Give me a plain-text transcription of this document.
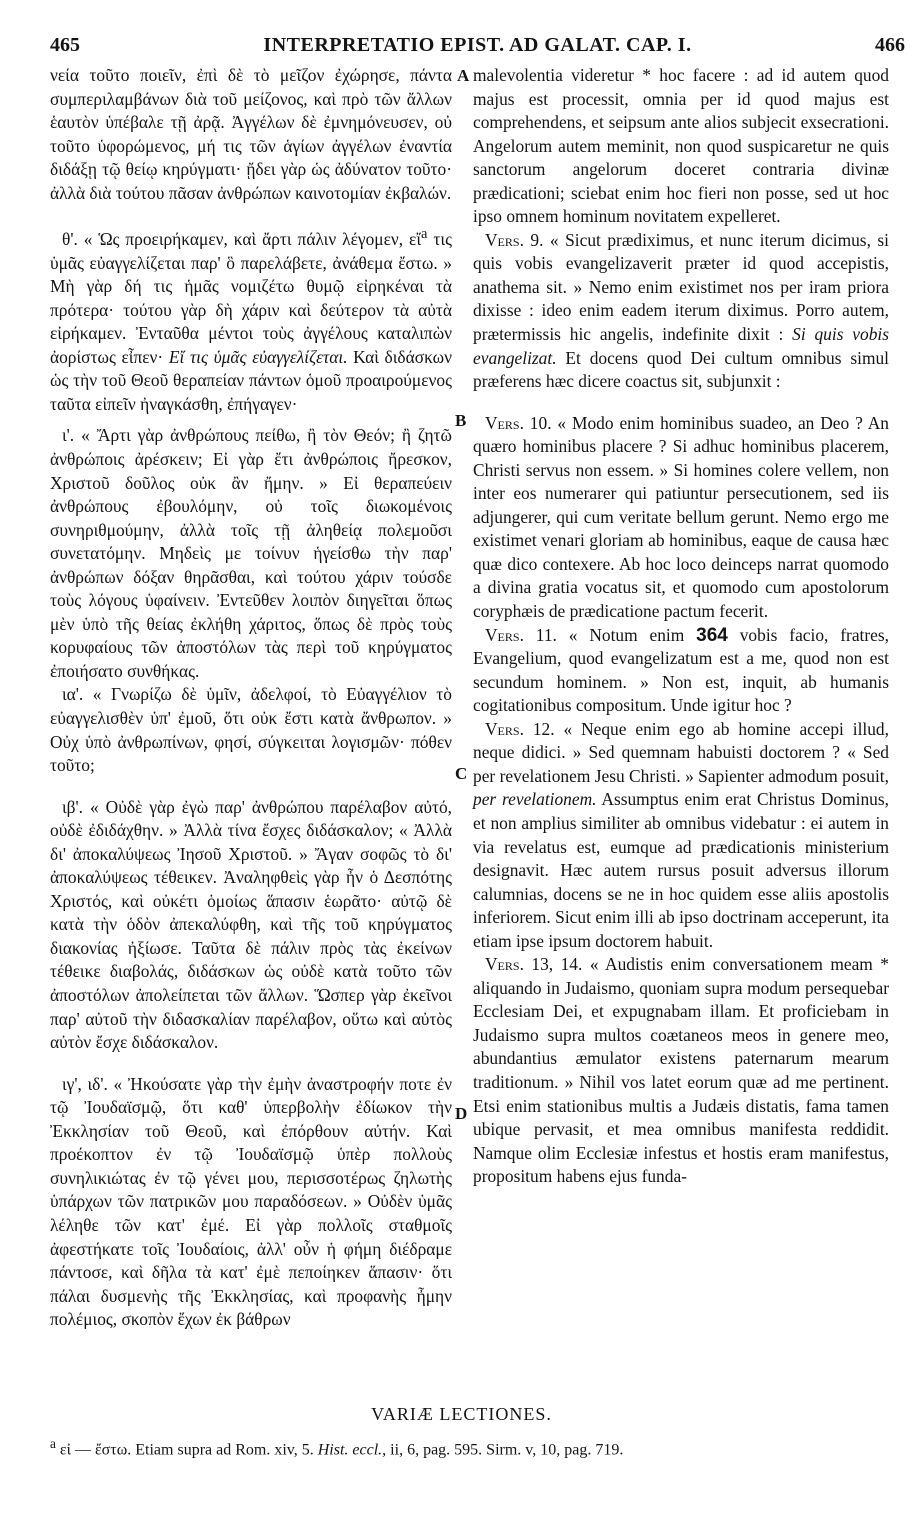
465	INTERPRETATIO EPIST. AD GALAT. CAP. I.	466

νεία τοῦτο ποιεῖν, ἐπὶ δὲ τὸ μεῖζον ἐχώρησε, πάντα συμπεριλαμβάνων διὰ τοῦ μείζονος, καὶ πρὸ τῶν ἄλλων ἑαυτὸν ὑπέβαλε τῇ ἀρᾷ. Ἀγγέλων δὲ ἐμνημόνευσεν, οὐ τοῦτο ὑφορώμενος, μή τις τῶν ἁγίων ἀγγέλων ἐναντία διδάξῃ τῷ θείῳ κηρύγματι· ᾔδει γὰρ ὡς ἀδύνατον τοῦτο· ἀλλὰ διὰ τούτου πᾶσαν ἀνθρώπων καινοτομίαν ἐκβαλών.

θ'. « Ὡς προειρήκαμεν, καὶ ἄρτι πάλιν λέγομεν, εἴ$^a$ τις ὑμᾶς εὐαγγελίζεται παρ' ὃ παρελάβετε, ἀνάθεμα ἔστω. » Μὴ γὰρ δή τις ἡμᾶς νομιζέτω θυμῷ εἰρηκέναι τὰ πρότερα· τούτου γὰρ δὴ χάριν καὶ δεύτερον τὰ αὐτὰ εἰρήκαμεν. Ἐνταῦθα μέντοι τοὺς ἀγγέλους καταλιπὼν ἀορίστως εἶπεν· Εἴ τις ὑμᾶς εὐαγγελίζεται. Καὶ διδάσκων ὡς τὴν τοῦ Θεοῦ θεραπείαν πάντων ὁμοῦ προαιρούμενος ταῦτα εἰπεῖν ἠναγκάσθη, ἐπήγαγεν·

ι'. « Ἄρτι γὰρ ἀνθρώπους πείθω, ἢ τὸν Θεόν; ἢ ζητῶ ἀνθρώποις ἀρέσκειν; Εἰ γὰρ ἔτι ἀνθρώποις ἤρεσκον, Χριστοῦ δοῦλος οὐκ ἂν ἤμην. » Εἰ θεραπεύειν ἀνθρώπους ἐβουλόμην, οὐ τοῖς διωκομένοις συνηριθμούμην, ἀλλὰ τοῖς τῇ ἀληθείᾳ πολεμοῦσι συνετατόμην. Μηδεὶς με τοίνυν ἡγείσθω τὴν παρ' ἀνθρώπων δόξαν θηρᾶσθαι, καὶ τούτου χάριν τούσδε τοὺς λόγους ὑφαίνειν. Ἐντεῦθεν λοιπὸν διηγεῖται ὅπως μὲν ὑπὸ τῆς θείας ἐκλήθη χάριτος, ὅπως δὲ πρὸς τοὺς κορυφαίους τῶν ἀποστόλων τὰς περὶ τοῦ κηρύγματος ἐποιήσατο συνθήκας.

ια'. « Γνωρίζω δὲ ὑμῖν, ἀδελφοί, τὸ Εὐαγγέλιον τὸ εὐαγγελισθὲν ὑπ' ἐμοῦ, ὅτι οὐκ ἔστι κατὰ ἄνθρωπον. » Οὐχ ὑπὸ ἀνθρωπίνων, φησί, σύγκειται λογισμῶν· πόθεν τοῦτο;

ιβ'. « Οὐδὲ γὰρ ἐγὼ παρ' ἀνθρώπου παρέλαβον αὐτό, οὐδὲ ἐδιδάχθην. » Ἀλλὰ τίνα ἔσχες διδάσκαλον; « Ἀλλὰ δι' ἀποκαλύψεως Ἰησοῦ Χριστοῦ. » Ἄγαν σοφῶς τὸ δι' ἀποκαλύψεως τέθεικεν. Ἀναληφθεὶς γὰρ ἦν ὁ Δεσπότης Χριστός, καὶ οὐκέτι ὁμοίως ἅπασιν ἑωρᾶτο· αὐτῷ δὲ κατὰ τὴν ὁδὸν ἀπεκαλύφθη, καὶ τῆς τοῦ κηρύγματος διακονίας ἠξίωσε. Ταῦτα δὲ πάλιν πρὸς τὰς ἐκείνων τέθεικε διαβολάς, διδάσκων ὡς οὐδὲ κατὰ τοῦτο τῶν ἀποστόλων ἀπολείπεται τῶν ἄλλων. Ὥσπερ γὰρ ἐκεῖνοι παρ' αὐτοῦ τὴν διδασκαλίαν παρέλαβον, οὕτω καὶ αὐτὸς αὐτὸν ἔσχε διδάσκαλον.

ιγ', ιδ'. « Ἠκούσατε γὰρ τὴν ἐμὴν ἀναστροφήν ποτε ἐν τῷ Ἰουδαϊσμῷ, ὅτι καθ' ὑπερβολὴν ἐδίωκον τὴν Ἐκκλησίαν τοῦ Θεοῦ, καὶ ἐπόρθουν αὐτήν. Καὶ προέκοπτον ἐν τῷ Ἰουδαϊσμῷ ὑπὲρ πολλοὺς συνηλικιώτας ἐν τῷ γένει μου, περισσοτέρως ζηλωτὴς ὑπάρχων τῶν πατρικῶν μου παραδόσεων. » Οὐδὲν ὑμᾶς λέληθε τῶν κατ' ἐμέ. Εἰ γὰρ πολλοῖς σταθμοῖς ἀφεστήκατε τοῖς Ἰουδαίοις, ἀλλ' οὖν ἡ φήμη διέδραμε πάντοσε, καὶ δῆλα τὰ κατ' ἐμὲ πεποίηκεν ἅπασιν· ὅτι πάλαι δυσμενὴς τῆς Ἐκκλησίας, καὶ προφανὴς ἦμην πολέμιος, σκοπὸν ἔχων ἐκ βάθρων

malevolentia videretur * hoc facere : ad id autem quod majus est processit, omnia per id quod majus est comprehendens, et seipsum ante alios subjecit exsecrationi. Angelorum autem meminit, non quod suspicaretur ne quis sanctorum angelorum doceret contraria divinæ prædicationi; sciebat enim hoc fieri non posse, sed ut hoc ipso omnem hominum novitatem expelleret.

Vers. 9. « Sicut prædiximus, et nunc iterum dicimus, si quis vobis evangelizaverit præter id quod accepistis, anathema sit. » Nemo enim existimet nos per iram priora dixisse : ideo enim eadem iterum diximus. Porro autem, prætermissis hic angelis, indefinite dixit : Si quis vobis evangelizat. Et docens quod Dei cultum omnibus simul præferens hæc dicere coactus sit, subjunxit :

Vers. 10. « Modo enim hominibus suadeo, an Deo ? An quæro hominibus placere ? Si adhuc hominibus placerem, Christi servus non essem. » Si homines colere vellem, non inter eos numerarer qui patiuntur persecutionem, sed iis adjungerer, qui cum veritate bellum gerunt. Nemo ergo me existimet venari gloriam ab hominibus, eaque de causa hæc quæ dico contexere. Ab hoc loco deinceps narrat quomodo a divina gratia vocatus sit, et quomodo cum apostolorum coryphæis de prædicatione pactum fecerit.

Vers. 11. « Notum enim 364 vobis facio, fratres, Evangelium, quod evangelizatum est a me, quod non est secundum hominem. » Non est, inquit, ab humanis cogitationibus compositum. Unde igitur hoc ?

Vers. 12. « Neque enim ego ab homine accepi illud, neque didici. » Sed quemnam habuisti doctorem ? « Sed per revelationem Jesu Christi. » Sapienter admodum posuit, per revelationem. Assumptus enim erat Christus Dominus, et non amplius similiter ab omnibus videbatur : ei autem in via revelatus est, eumque ad prædicationis ministerium designavit. Hæc autem rursus posuit adversus illorum calumnias, docens se ne in hoc quidem esse aliis apostolis inferiorem. Sicut enim illi ab ipso doctrinam acceperunt, ita etiam ipse ipsum doctorem habuit.

Vers. 13, 14. « Audistis enim conversationem meam * aliquando in Judaismo, quoniam supra modum persequebar Ecclesiam Dei, et expugnabam illam. Et proficiebam in Judaismo supra multos coætaneos meos in genere meo, abundantius æmulator existens paternarum mearum traditionum. » Nihil vos latet eorum quæ ad me pertinent. Etsi enim stationibus multis a Judæis distatis, fama tamen ubique pervasit, et mea omnibus manifesta reddidit. Namque olim Ecclesiæ infestus et hostis eram manifestus, propositum habens ejus funda-

A
B
C
D
VARIÆ LECTIONES.
$^a$ εἰ — ἔστω. Etiam supra ad Rom. xiv, 5. Hist. eccl., ii, 6, pag. 595. Sirm. v, 10, pag. 719.
